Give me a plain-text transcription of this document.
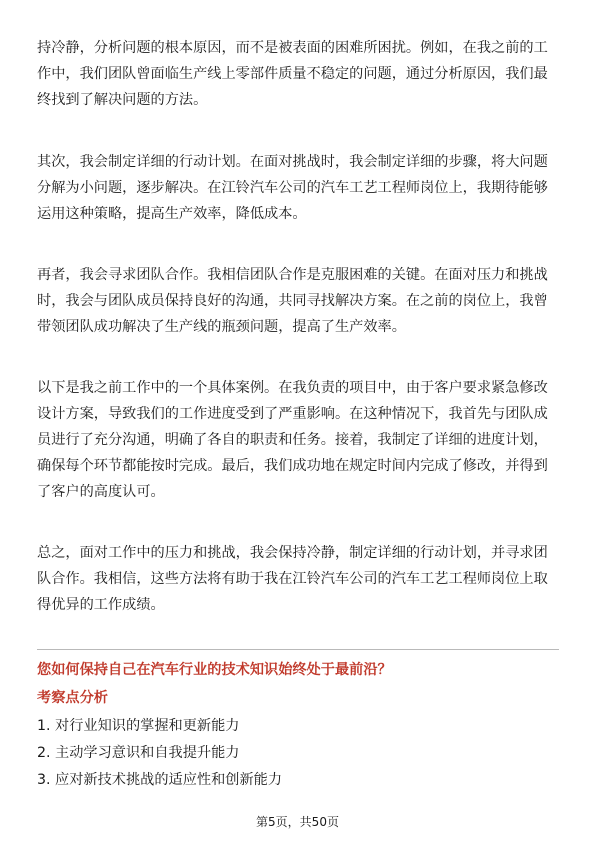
持冷静，分析问题的根本原因，而不是被表面的困难所困扰。例如，在我之前的工
作中，我们团队曾面临生产线上零部件质量不稳定的问题，通过分析原因，我们最
终找到了解决问题的方法。

其次，我会制定详细的行动计划。在面对挑战时，我会制定详细的步骤，将大问题
分解为小问题，逐步解决。在江铃汽车公司的汽车工艺工程师岗位上，我期待能够
运用这种策略，提高生产效率，降低成本。

再者，我会寻求团队合作。我相信团队合作是克服困难的关键。在面对压力和挑战
时，我会与团队成员保持良好的沟通，共同寻找解决方案。在之前的岗位上，我曾
带领团队成功解决了生产线的瓶颈问题，提高了生产效率。

以下是我之前工作中的一个具体案例。在我负责的项目中，由于客户要求紧急修改
设计方案，导致我们的工作进度受到了严重影响。在这种情况下，我首先与团队成
员进行了充分沟通，明确了各自的职责和任务。接着，我制定了详细的进度计划，
确保每个环节都能按时完成。最后，我们成功地在规定时间内完成了修改，并得到
了客户的高度认可。

总之，面对工作中的压力和挑战，我会保持冷静，制定详细的行动计划，并寻求团
队合作。我相信，这些方法将有助于我在江铃汽车公司的汽车工艺工程师岗位上取
得优异的工作成绩。

您如何保持自己在汽车行业的技术知识始终处于最前沿？
考察点分析
1. 对行业知识的掌握和更新能力
2. 主动学习意识和自我提升能力
3. 应对新技术挑战的适应性和创新能力
第5页，共50页
